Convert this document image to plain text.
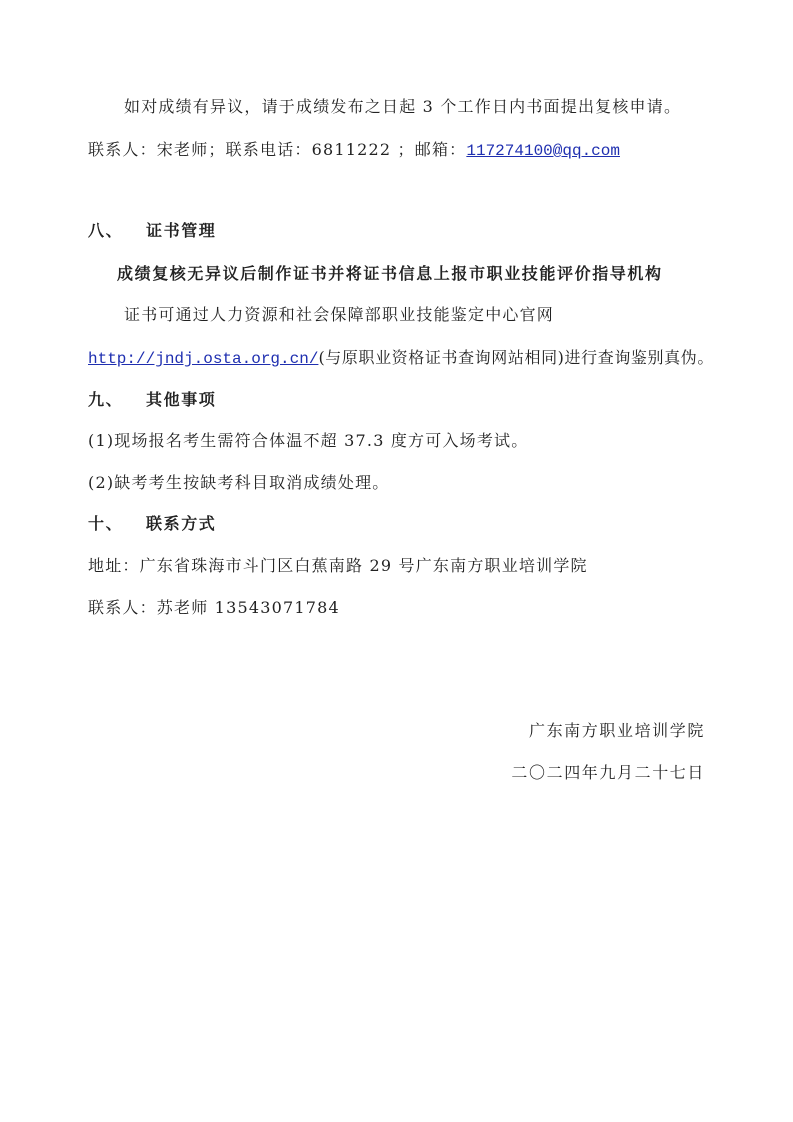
如对成绩有异议，请于成绩发布之日起 3 个工作日内书面提出复核申请。
联系人：宋老师；联系电话：6811222 ；邮箱：117274100@qq.com
八、 证书管理
成绩复核无异议后制作证书并将证书信息上报市职业技能评价指导机构
证书可通过人力资源和社会保障部职业技能鉴定中心官网
http://jndj.osta.org.cn/(与原职业资格证书查询网站相同)进行查询鉴别真伪。
九、 其他事项
(1)现场报名考生需符合体温不超 37.3 度方可入场考试。
(2)缺考考生按缺考科目取消成绩处理。
十、 联系方式
地址：广东省珠海市斗门区白蕉南路 29 号广东南方职业培训学院
联系人：苏老师 13543071784
广东南方职业培训学院
二〇二四年九月二十七日
